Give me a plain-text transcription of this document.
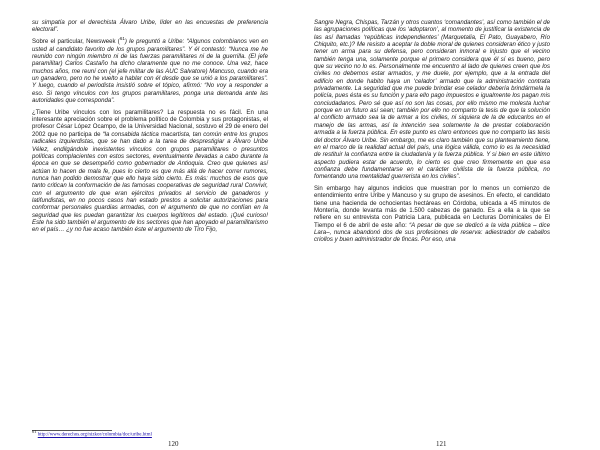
su simpatía por el derechista Álvaro Uribe, líder en las encuestas de preferencia electoral”.

Sobre el particular, Newsweek ($^{61}$) le preguntó a Uribe: “Algunos colombianos ven en usted al candidato favorito de los grupos paramilitares”. Y él contestó: “Nunca me he reunido con ningún miembro ni de las fuerzas paramilitares ni de la guerrilla. (El jefe paramilitar) Carlos Castaño ha dicho claramente que no me conoce. Una vez, hace muchos años, me reuní con (el jefe militar de las AUC Salvatore) Mancuso, cuando era un ganadero, pero no he vuelto a hablar con él desde que se unió a los paramilitares”. Y luego, cuando el periodista insistió sobre el tópico, afirmó: “No voy a responder a eso. Si tengo vínculos con los grupos paramilitares, ponga una demanda ante las autoridades que corresponda”.

¿Tiene Uribe vínculos con los paramilitares? La respuesta no es fácil. En una interesante apreciación sobre el problema político de Colombia y sus protagonistas, el profesor César López Ocampo, de la Universidad Nacional, sostuvo el 29 de enero del 2002 que no participa de “la consabida táctica macartista, tan común entre los grupos radicales izquierdistas, que se han dado a la tarea de desprestigiar a Álvaro Uribe Vélez, endilgándole inexistentes vínculos con grupos paramilitares o presuntos políticas complacientes con estos sectores, eventualmente llevadas a cabo durante la época en que se desempeñó como gobernador de Antioquia. Creo que quienes así actúan lo hacen de mala fe, pues lo cierto es que más allá de hacer correr rumores, nunca han podido demostrar que ello haya sido cierto. Es más: muchos de esos que tanto critican la conformación de las famosas cooperativas de seguridad rural Convivir, con el argumento de que eran ejércitos privados al servicio de ganaderos y latifundistas, en no pocos casos han estado prestos a solicitar autorizaciones para conformar personales guardias armadas, con el argumento de que no confían en la seguridad que les puedan garantizar los cuerpos legítimos del estado. ¡Qué curioso! Este ha sido también el argumento de los sectores que han apoyado el paramilitarismo en el país… ¿y no fue acaso también éste el argumento de Tiro Fijo,

61 http://www.derechos.org/nizkor/colombia/doc/uribe.html
120

Sangre Negra, Chispas, Tarzán y otros cuantos ‘comandantes’, así como también el de las agrupaciones políticas que los ‘adoptaron’, al momento de justificar la existencia de las así llamadas ‘repúblicas independientes’ (Marquetalia, El Pato, Guayabero, Río Chiquito, etc.)? Me resisto a aceptar la doble moral de quienes consideran ético y justo tener un arma para su defensa, pero consideran inmoral e injusto que el vecino también tenga una, solamente porque el primero considera que él sí es bueno, pero que su vecino no lo es. Personalmente me encuentro al lado de quienes creen que los civiles no debemos estar armados, y me duele, por ejemplo, que a la entrada del edificio en donde habito haya un ‘celador’ armado que la administración contrata privadamente. La seguridad que me puede brindar ese celador debería brindármela la policía, pues ésta es su función y para ello pago impuestos e igualmente los pagan mis conciudadanos. Pero sé que así no son las cosas, por ello mismo me molesta luchar porque en un futuro así sean; también por ello no comparto la tesis de que la solución al conflicto armado sea la de armar a los civiles, ni siquiera de la de educarlos en el manejo de las armas, así la intención sea solamente la de prestar colaboración armada a la fuerza pública. En este punto es claro entonces que no comparto las tesis del doctor Álvaro Uribe. Sin embargo, me es claro también que su planteamiento tiene, en el marco de la realidad actual del país, una lógica válida, como lo es la necesidad de restituir la confianza entre la ciudadanía y la fuerza pública. Y si bien en este último aspecto pudiera estar de acuerdo, lo cierto es que creo firmemente en que esa confianza debe fundamentarse en el carácter civilista de la fuerza pública, no fomentando una mentalidad guerrerista en los civiles”.

Sin embargo hay algunos indicios que muestran por lo menos un comienzo de entendimiento entre Uribe y Mancuso y su grupo de asesinos. En efecto, el candidato tiene una hacienda de ochocientas hectáreas en Córdoba, ubicada a 45 minutos de Montería, donde levanta más de 1.500 cabezas de ganado. Es a ella a la que se refiere en su entrevista con Patricia Lara, publicada en Lecturas Dominicales de El Tiempo el 6 de abril de este año: “A pesar de que se dedicó a la vida pública – dice Lara–, nunca abandonó dos de sus profesiones de reserva: adiestrador de caballos criollos y buen administrador de fincas. Por eso, una

121
